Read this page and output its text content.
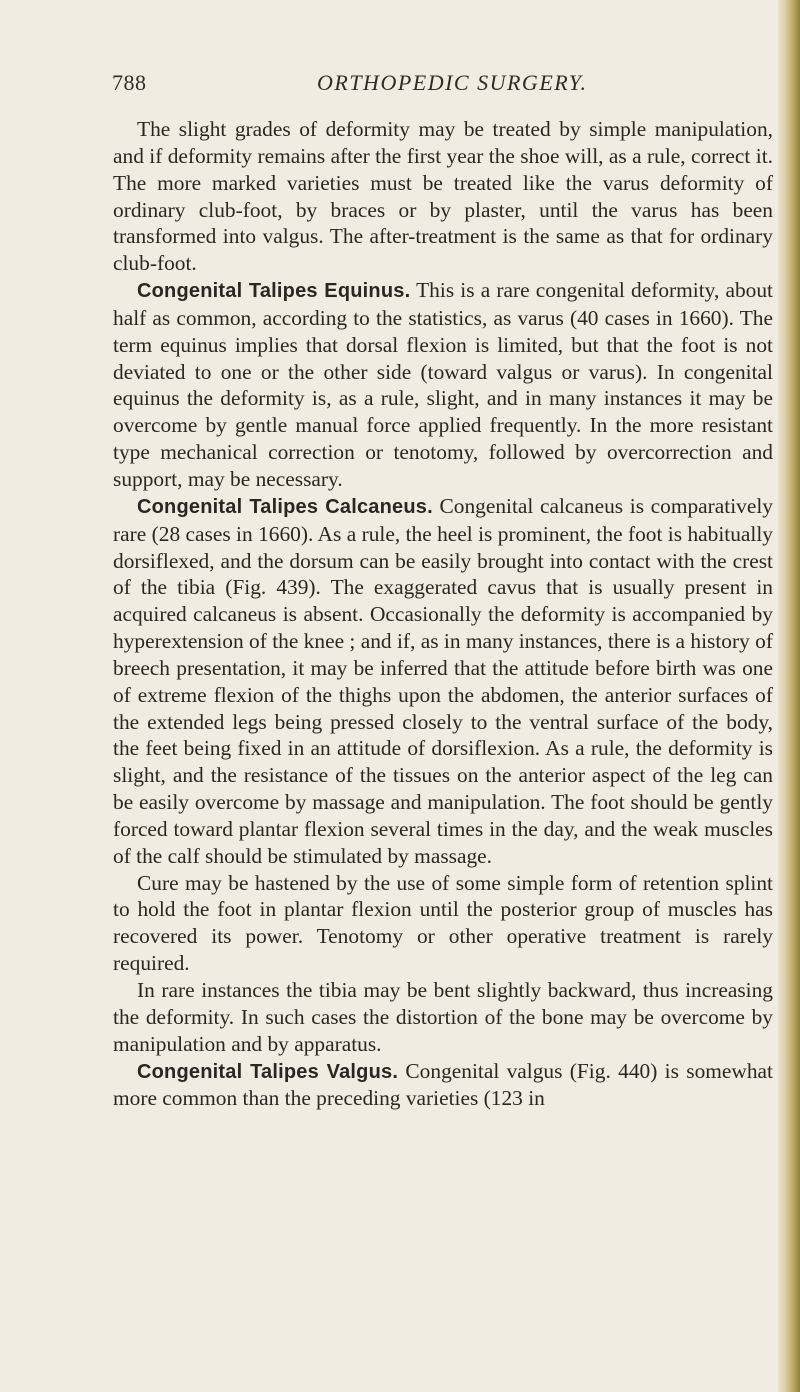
788	ORTHOPEDIC SURGERY.

The slight grades of deformity may be treated by simple manipulation, and if deformity remains after the first year the shoe will, as a rule, correct it. The more marked varieties must be treated like the varus deformity of ordinary club-foot, by braces or by plaster, until the varus has been transformed into valgus. The after-treatment is the same as that for ordinary club-foot.

Congenital Talipes Equinus. This is a rare congenital deformity, about half as common, according to the statistics, as varus (40 cases in 1660). The term equinus implies that dorsal flexion is limited, but that the foot is not deviated to one or the other side (toward valgus or varus). In congenital equinus the deformity is, as a rule, slight, and in many instances it may be overcome by gentle manual force applied frequently. In the more resistant type mechanical correction or tenotomy, followed by overcorrection and support, may be necessary.

Congenital Talipes Calcaneus. Congenital calcaneus is comparatively rare (28 cases in 1660). As a rule, the heel is prominent, the foot is habitually dorsiflexed, and the dorsum can be easily brought into contact with the crest of the tibia (Fig. 439). The exaggerated cavus that is usually present in acquired calcaneus is absent. Occasionally the deformity is accompanied by hyperextension of the knee ; and if, as in many instances, there is a history of breech presentation, it may be inferred that the attitude before birth was one of extreme flexion of the thighs upon the abdomen, the anterior surfaces of the extended legs being pressed closely to the ventral surface of the body, the feet being fixed in an attitude of dorsiflexion. As a rule, the deformity is slight, and the resistance of the tissues on the anterior aspect of the leg can be easily overcome by massage and manipulation. The foot should be gently forced toward plantar flexion several times in the day, and the weak muscles of the calf should be stimulated by massage.

Cure may be hastened by the use of some simple form of retention splint to hold the foot in plantar flexion until the posterior group of muscles has recovered its power. Tenotomy or other operative treatment is rarely required.

In rare instances the tibia may be bent slightly backward, thus increasing the deformity. In such cases the distortion of the bone may be overcome by manipulation and by apparatus.

Congenital Talipes Valgus. Congenital valgus (Fig. 440) is somewhat more common than the preceding varieties (123 in
